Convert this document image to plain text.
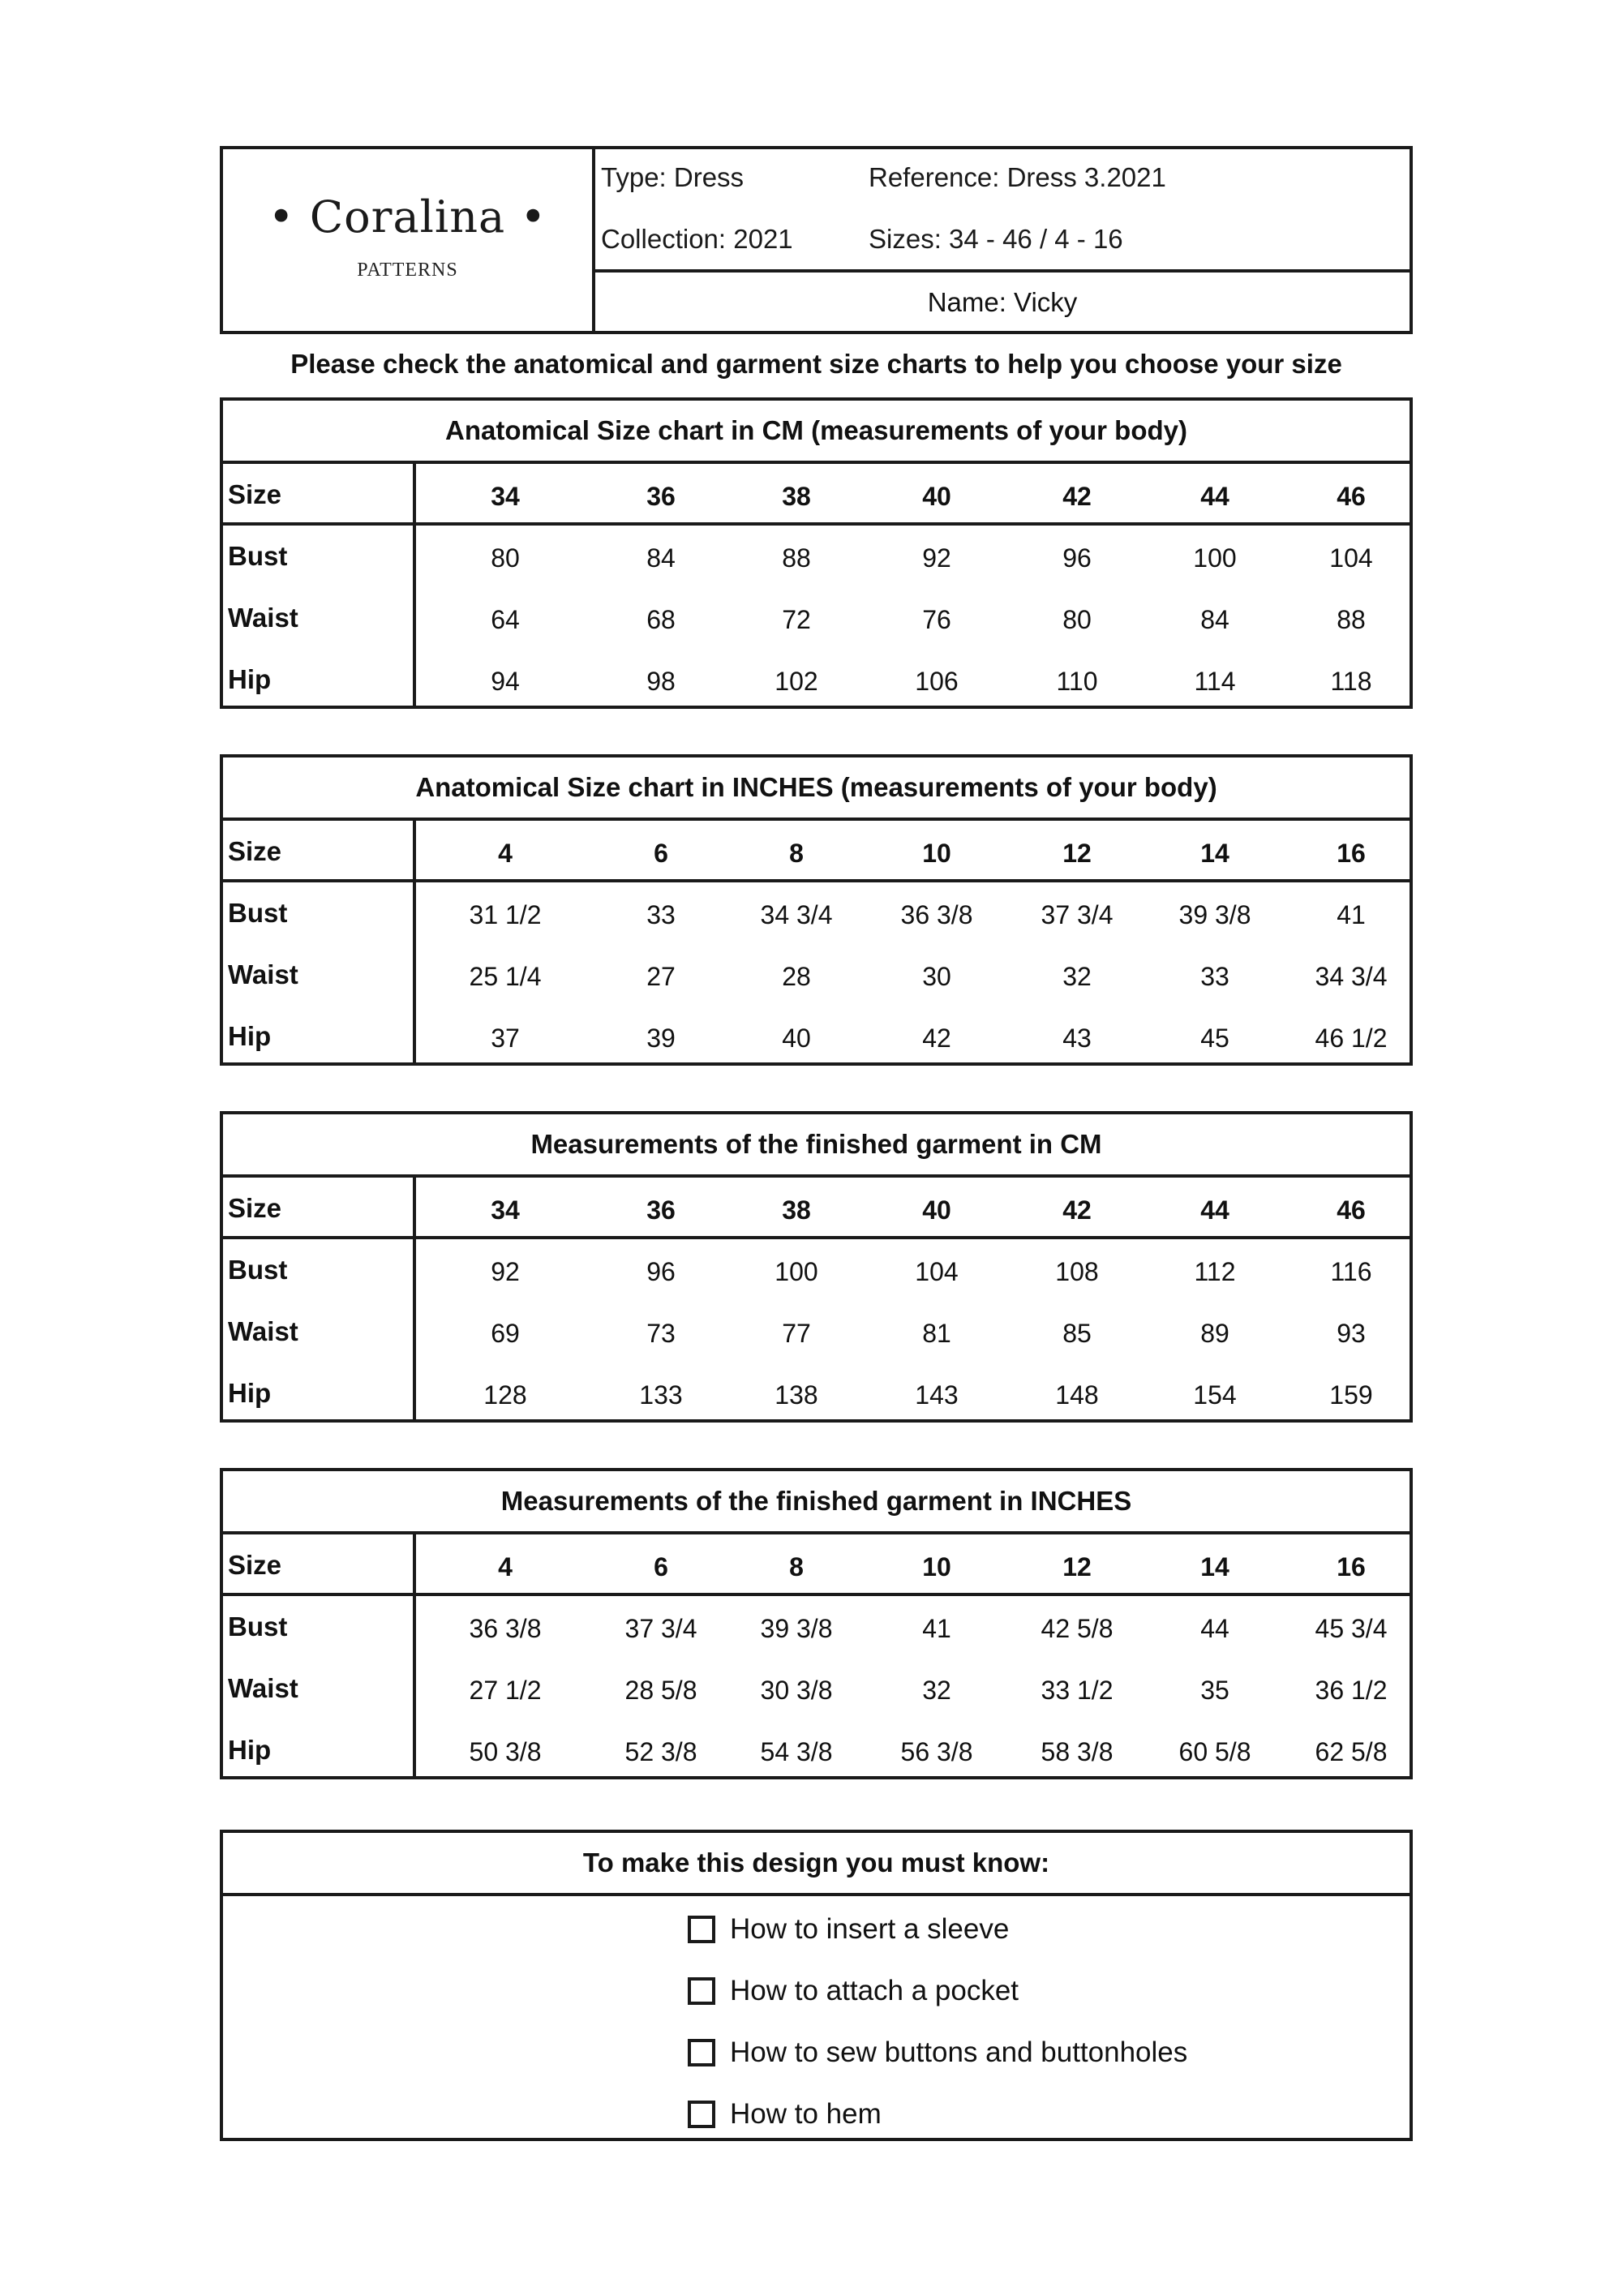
• Coralina •
PATTERNS
Type: Dress	Reference: Dress 3.2021
Collection: 2021	Sizes: 34 - 46 / 4 - 16
Name: Vicky
Please check the anatomical and garment size charts to help you choose your size
Anatomical Size chart in CM (measurements of your body)
Size	34	36	38	40	42	44	46
Bust	80	84	88	92	96	100	104
Waist	64	68	72	76	80	84	88
Hip	94	98	102	106	110	114	118
Anatomical Size chart in INCHES (measurements of your body)
Size	4	6	8	10	12	14	16
Bust	31 1/2	33	34 3/4	36 3/8	37 3/4	39 3/8	41
Waist	25 1/4	27	28	30	32	33	34 3/4
Hip	37	39	40	42	43	45	46 1/2
Measurements of the finished garment in CM
Size	34	36	38	40	42	44	46
Bust	92	96	100	104	108	112	116
Waist	69	73	77	81	85	89	93
Hip	128	133	138	143	148	154	159
Measurements of the finished garment in INCHES
Size	4	6	8	10	12	14	16
Bust	36 3/8	37 3/4	39 3/8	41	42 5/8	44	45 3/4
Waist	27 1/2	28 5/8	30 3/8	32	33 1/2	35	36 1/2
Hip	50 3/8	52 3/8	54 3/8	56 3/8	58 3/8	60 5/8	62 5/8
To make this design you must know:
How to insert a sleeve
How to attach a pocket
How to sew buttons and buttonholes
How to hem
